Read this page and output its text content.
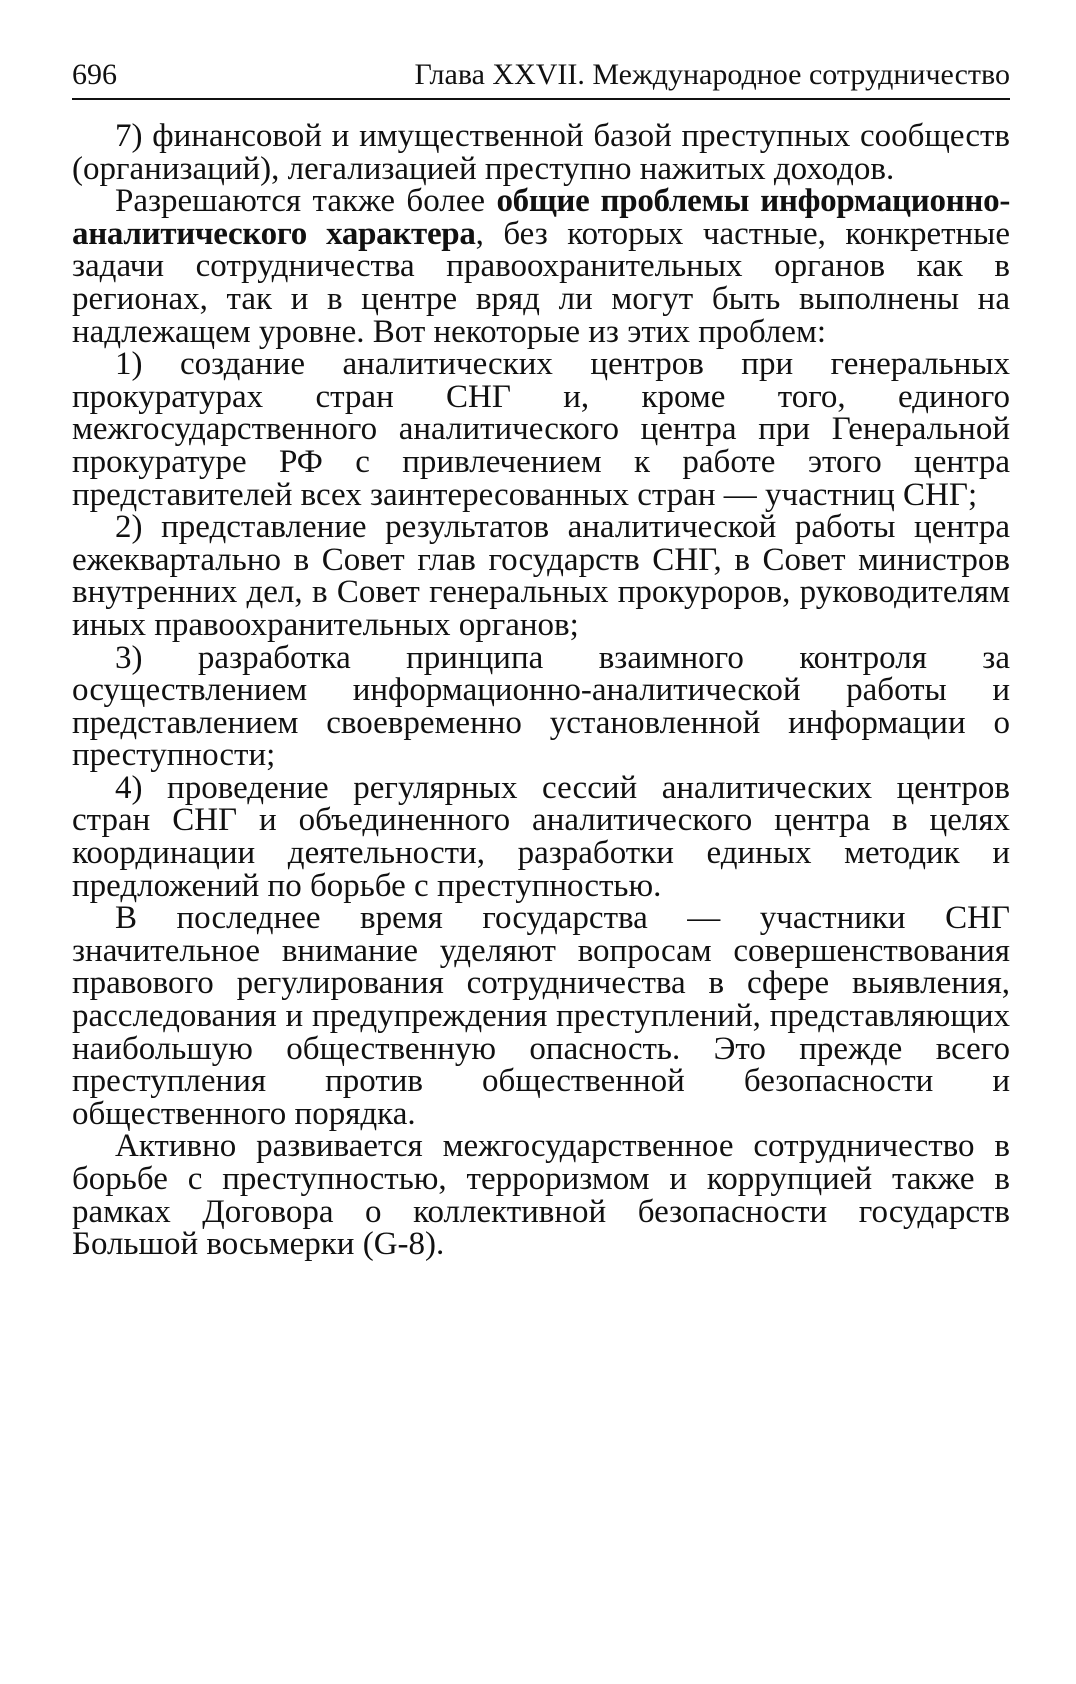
696	Глава XXVII. Международное сотрудничество

7) финансовой и имущественной базой преступных сообществ (организаций), легализацией преступно нажитых доходов.

Разрешаются также более общие проблемы информационно-аналитического характера, без которых частные, конкретные задачи сотрудничества правоохранительных органов как в регионах, так и в центре вряд ли могут быть выполнены на надлежащем уровне. Вот некоторые из этих проблем:

1) создание аналитических центров при генеральных прокуратурах стран СНГ и, кроме того, единого межгосударственного аналитического центра при Генеральной прокуратуре РФ с привлечением к работе этого центра представителей всех заинтересованных стран — участниц СНГ;

2) представление результатов аналитической работы центра ежеквартально в Совет глав государств СНГ, в Совет министров внутренних дел, в Совет генеральных прокуроров, руководителям иных правоохранительных органов;

3) разработка принципа взаимного контроля за осуществлением информационно-аналитической работы и представлением своевременно установленной информации о преступности;

4) проведение регулярных сессий аналитических центров стран СНГ и объединенного аналитического центра в целях координации деятельности, разработки единых методик и предложений по борьбе с преступностью.

В последнее время государства — участники СНГ значительное внимание уделяют вопросам совершенствования правового регулирования сотрудничества в сфере выявления, расследования и предупреждения преступлений, представляющих наибольшую общественную опасность. Это прежде всего преступления против общественной безопасности и общественного порядка.

Активно развивается межгосударственное сотрудничество в борьбе с преступностью, терроризмом и коррупцией также в рамках Договора о коллективной безопасности государств Большой восьмерки (G-8).
